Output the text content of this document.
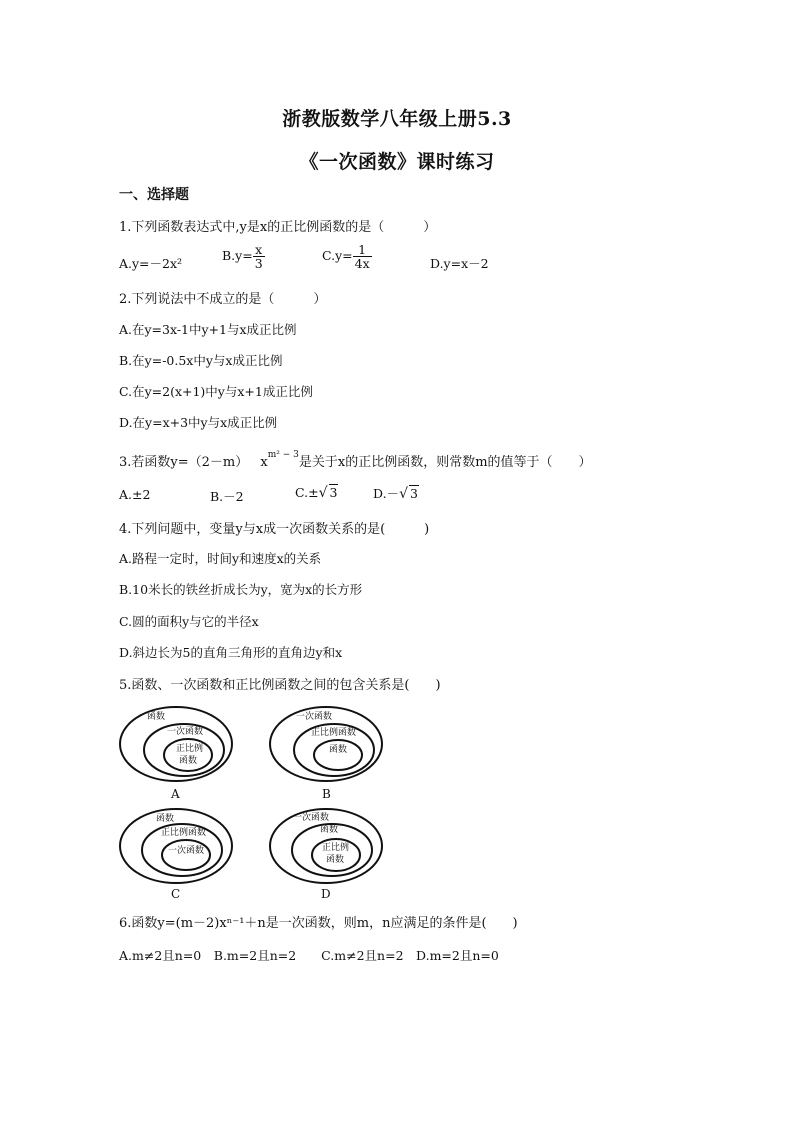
浙教版数学八年级上册5.3
《一次函数》课时练习
一、选择题
1.下列函数表达式中,y是x的正比例函数的是（　　　）
A.y=－2x²
$B.y= \frac{x}{3}$	$C.y= \frac{1}{4x}$	D.y=x－2
2.下列说法中不成立的是（　　　）
A.在y=3x-1中y+1与x成正比例
B.在y=-0.5x中y与x成正比例
C.在y=2(x+1)中y与x+1成正比例
D.在y=x+3中y与x成正比例
3.若函数y=（2－m） $x^{m^2 - 3}$是关于x的正比例函数，则常数m的值等于（　　）
A.±2	B.－2	C.±√ 3	D.－√ 3
4.下列问题中，变量y与x成一次函数关系的是(　　　)
A.路程一定时，时间y和速度x的关系
B.10米长的铁丝折成长为y，宽为x的长方形
C.圆的面积y与它的半径x
D.斜边长为5的直角三角形的直角边y和x
5.函数、一次函数和正比例函数之间的包含关系是(　　)
函数
一次函数
正比例
函数
A
一次函数
正比例函数
函数
B
函数
正比例函数
一次函数
C
一次函数
函数
正比例
函数
D
6.函数y=(m－2)xⁿ⁻¹＋n是一次函数，则m，n应满足的条件是(　　)
A.m≠2且n=0　B.m=2且n=2　　C.m≠2且n=2　D.m=2且n=0
